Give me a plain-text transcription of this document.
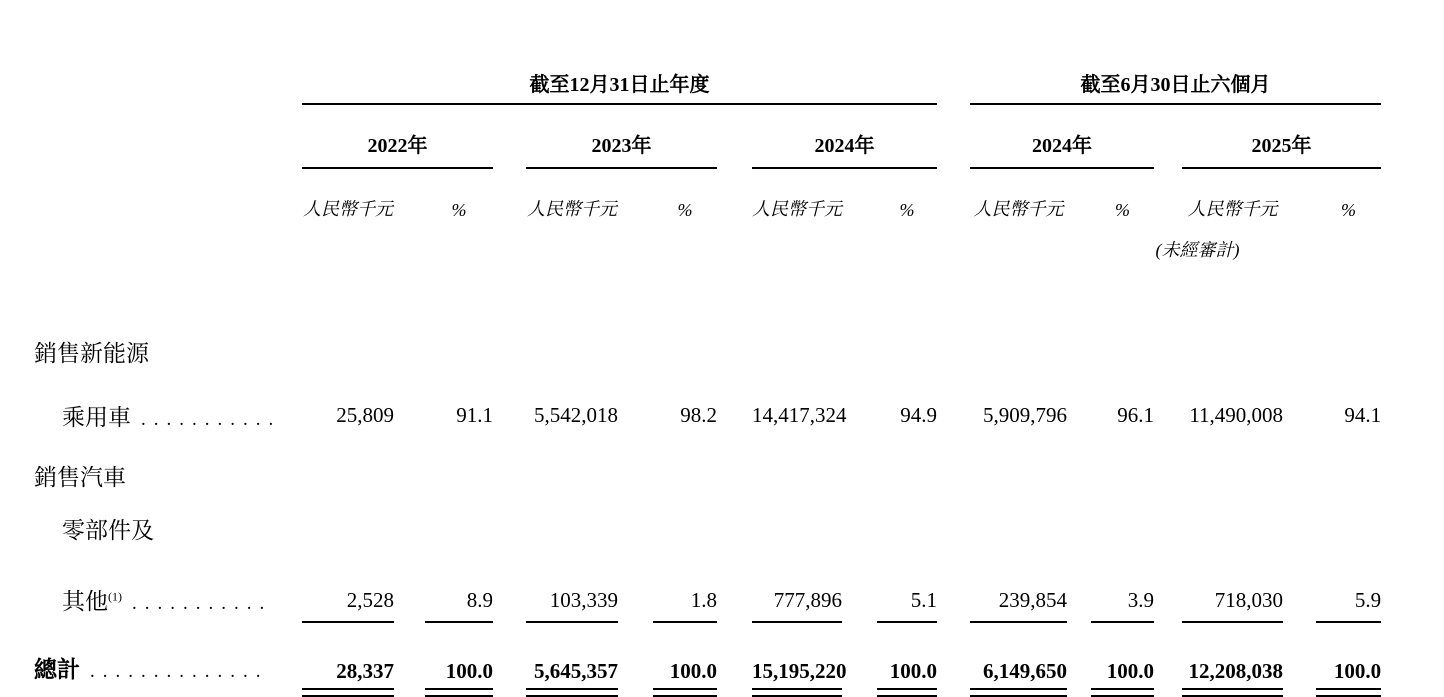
	截至12月31日止年度												截至6月30日止六個月						
	2022年				2023年				2024年				2024年				2025年		
	人民幣千元		%		人民幣千元		%		人民幣千元		%		人民幣千元		%		人民幣千元		%
													(未經審計)						

銷售新能源																			
乘用車 ...........	25,809		91.1		5,542,018		98.2		14,417,324		94.9		5,909,796		96.1		11,490,008		94.1
銷售汽車																			
零部件及																			
其他$^{(1)}$ ...........	2,528		8.9		103,339		1.8		777,896		5.1		239,854		3.9		718,030		5.9
總計 ..............	28,337		100.0		5,645,357		100.0		15,195,220		100.0		6,149,650		100.0		12,208,038		100.0
